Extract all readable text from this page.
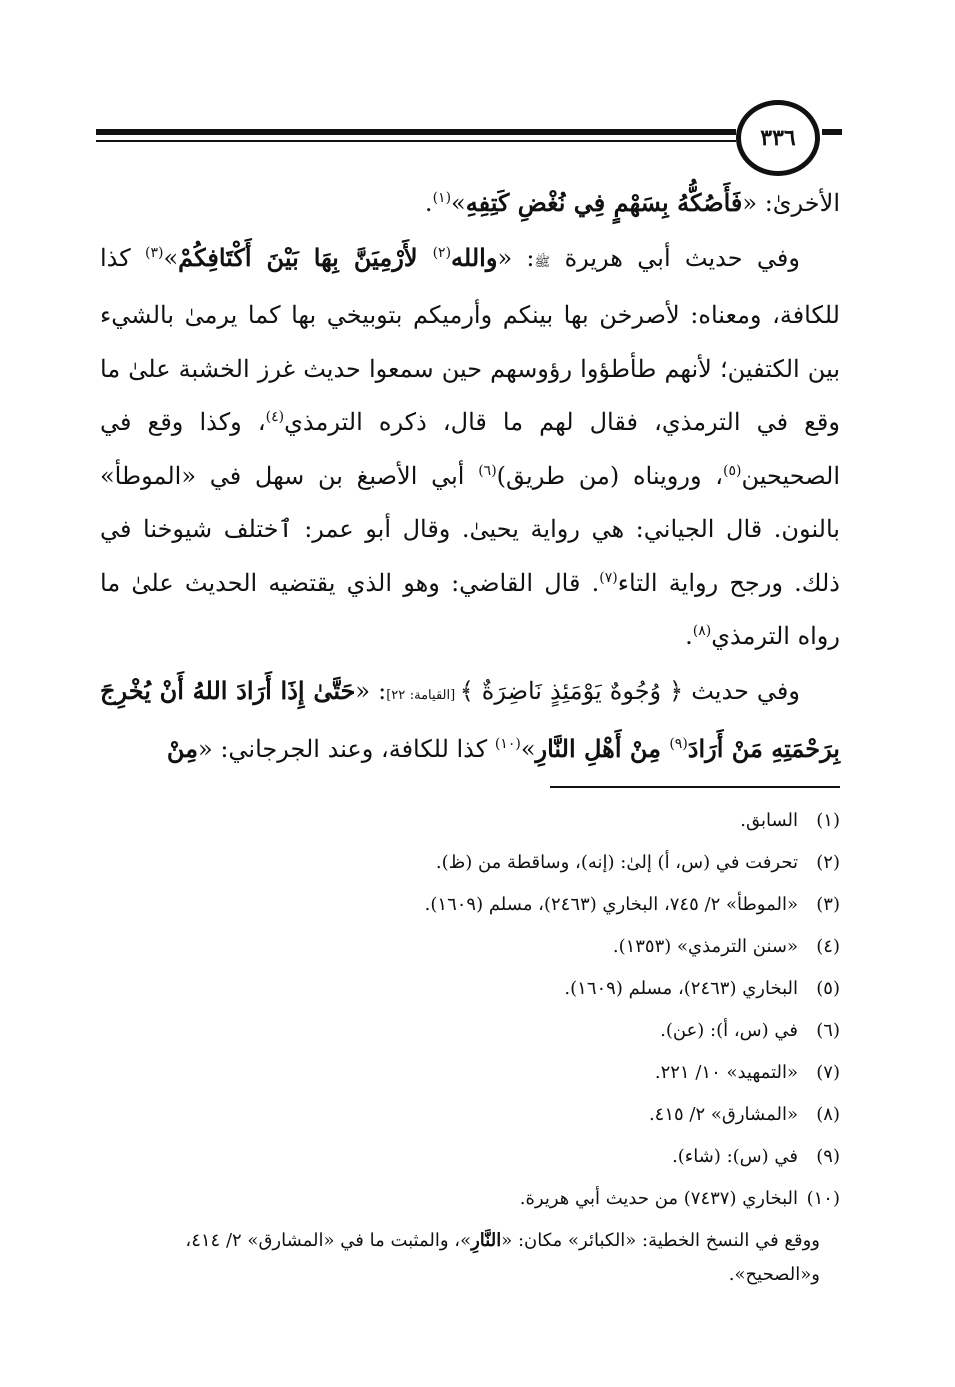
٣٣٦

الأخرىٰ: «فَأَصُكُّهُ بِسَهْمٍ فِي نُغْضِ كَتِفِهِ»$^{(١)}$.

وفي حديث أبي هريرة ﷺ: «والله$^{(٢)}$ لأَرْمِيَنَّ بِهَا بَيْنَ أَكْتَافِكُمْ»$^{(٣)}$ كذا للكافة، ومعناه: لأصرخن بها بينكم وأرميكم بتوبيخي بها كما يرمىٰ بالشيء بين الكتفين؛ لأنهم طأطؤوا رؤوسهم حين سمعوا حديث غرز الخشبة علىٰ ما وقع في الترمذي، فقال لهم ما قال، ذكره الترمذي$^{(٤)}$، وكذا وقع في الصحيحين$^{(٥)}$، ورويناه (من طريق)$^{(٦)}$ أبي الأصبغ بن سهل في «الموطأ» بالنون. قال الجياني: هي رواية يحيىٰ. وقال أبو عمر: ٱختلف شيوخنا في ذلك. ورجح رواية التاء$^{(٧)}$. قال القاضي: وهو الذي يقتضيه الحديث علىٰ ما رواه الترمذي$^{(٨)}$.

وفي حديث ﴿ وُجُوهٌ يَوْمَئِذٍ نَاضِرَةٌ ﴾ [القيامة: ٢٢]: «حَتَّىٰ إِذَا أَرَادَ اللهُ أَنْ يُخْرِجَ بِرَحْمَتِهِ مَنْ أَرَادَ$^{(٩)}$ مِنْ أَهْلِ النَّارِ»$^{(١٠)}$ كذا للكافة، وعند الجرجاني: «مِنْ

(١)
السابق.
(٢)
تحرفت في (س، أ) إلىٰ: (إنه)، وساقطة من (ظ).
(٣)
«الموطأ» ٢/ ٧٤٥، البخاري (٢٤٦٣)، مسلم (١٦٠٩).
(٤)
«سنن الترمذي» (١٣٥٣).
(٥)
البخاري (٢٤٦٣)، مسلم (١٦٠٩).
(٦)
في (س، أ): (عن).
(٧)
«التمهيد» ١٠/ ٢٢١.
(٨)
«المشارق» ٢/ ٤١٥.
(٩)
في (س): (شاء).
(١٠)
البخاري (٧٤٣٧) من حديث أبي هريرة.

ووقع في النسخ الخطية: «الكبائر» مكان: «النَّارِ»، والمثبت ما في «المشارق» ٢/ ٤١٤، و«الصحيح».
